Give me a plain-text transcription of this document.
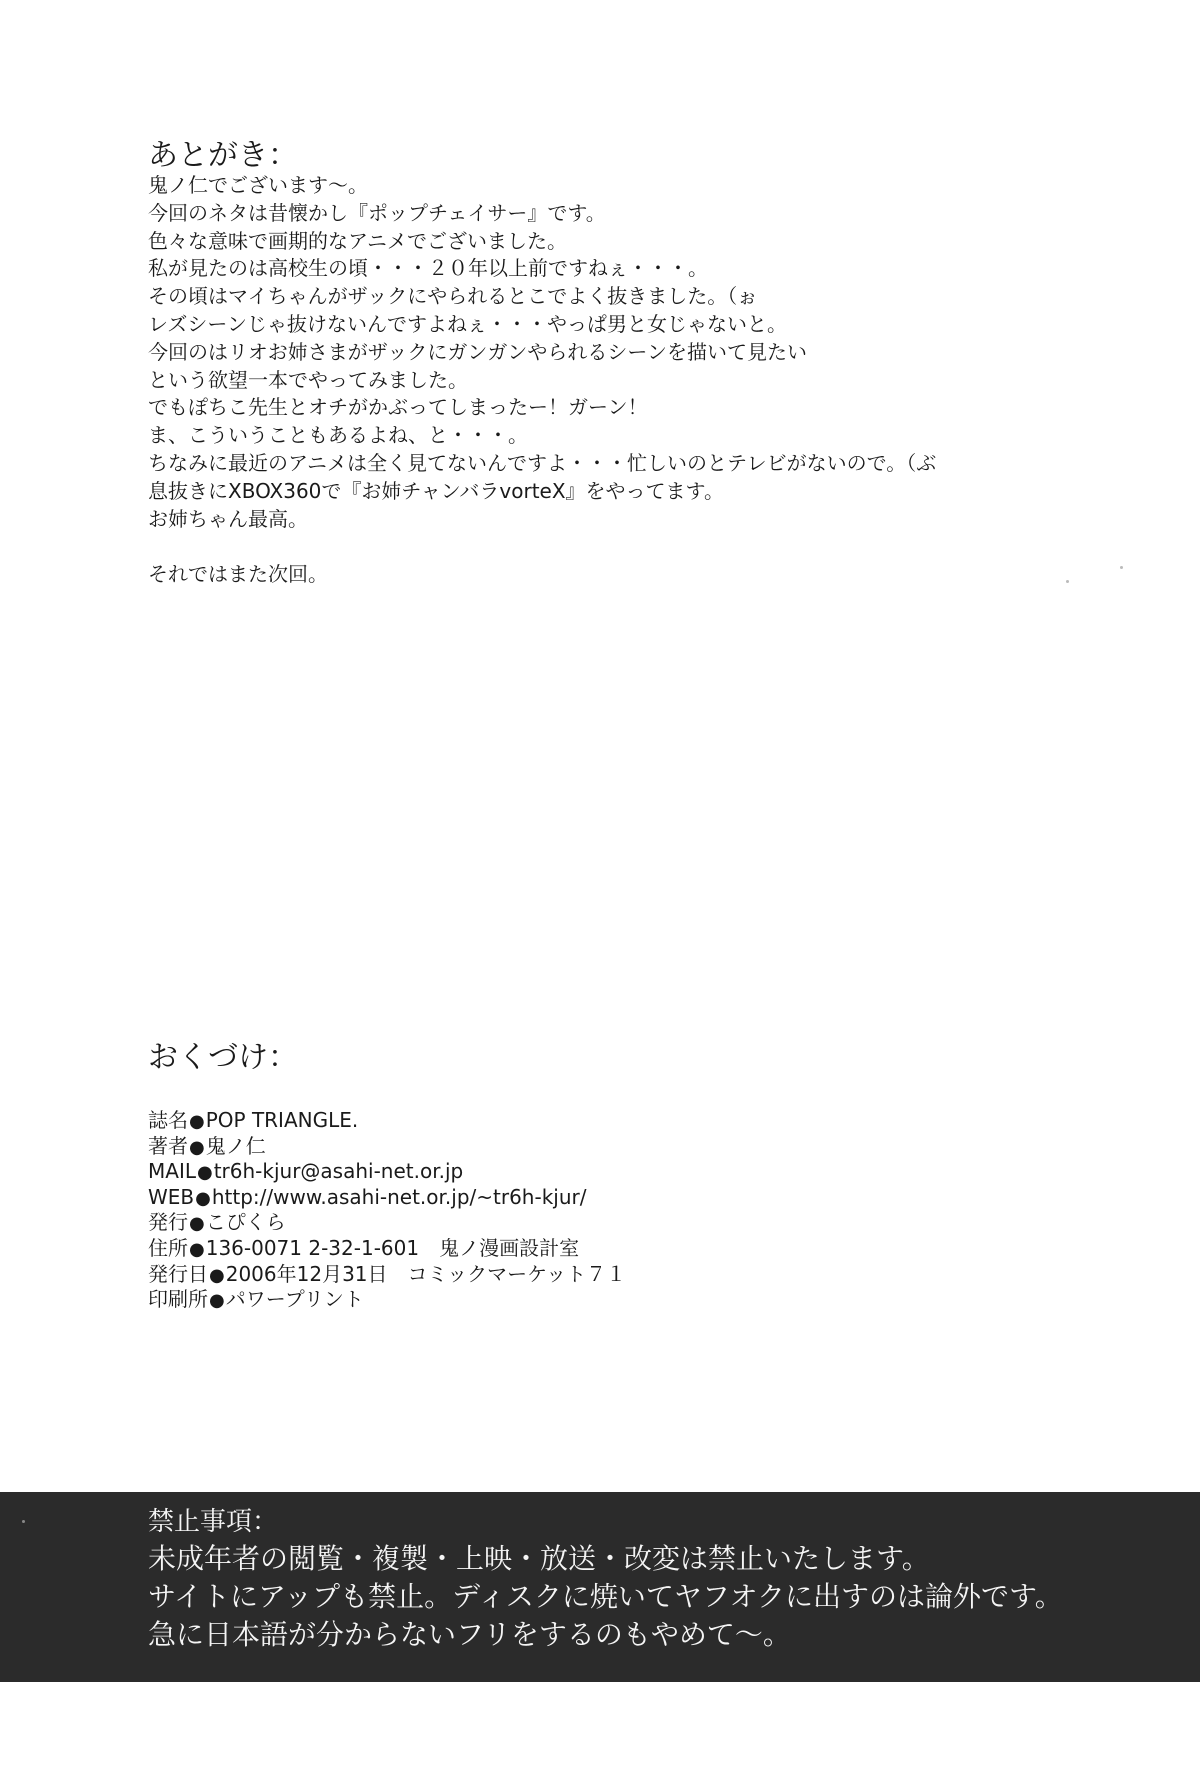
あとがき：
鬼ノ仁でございます～。
今回のネタは昔懐かし『ポップチェイサー』です。
色々な意味で画期的なアニメでございました。
私が見たのは高校生の頃・・・２０年以上前ですねぇ・・・。
その頃はマイちゃんがザックにやられるとこでよく抜きました。（ぉ
レズシーンじゃ抜けないんですよねぇ・・・やっぱ男と女じゃないと。
今回のはリオお姉さまがザックにガンガンやられるシーンを描いて見たい
という欲望一本でやってみました。
でもぽちこ先生とオチがかぶってしまったー！ガーン！
ま、こういうこともあるよね、と・・・。
ちなみに最近のアニメは全く見てないんですよ・・・忙しいのとテレビがないので。（ぶ
息抜きにXBOX360で『お姉チャンバラvorteX』をやってます。
お姉ちゃん最高。
それではまた次回。
おくづけ：
誌名●POP TRIANGLE.
著者●鬼ノ仁
MAIL●tr6h-kjur@asahi-net.or.jp
WEB●http://www.asahi-net.or.jp/~tr6h-kjur/
発行●こぴくら
住所●136-0071 2-32-1-601　鬼ノ漫画設計室
発行日●2006年12月31日　コミックマーケット７１
印刷所●パワープリント
禁止事項：
未成年者の閲覧・複製・上映・放送・改変は禁止いたします。
サイトにアップも禁止。ディスクに焼いてヤフオクに出すのは論外です。
急に日本語が分からないフリをするのもやめて～。
